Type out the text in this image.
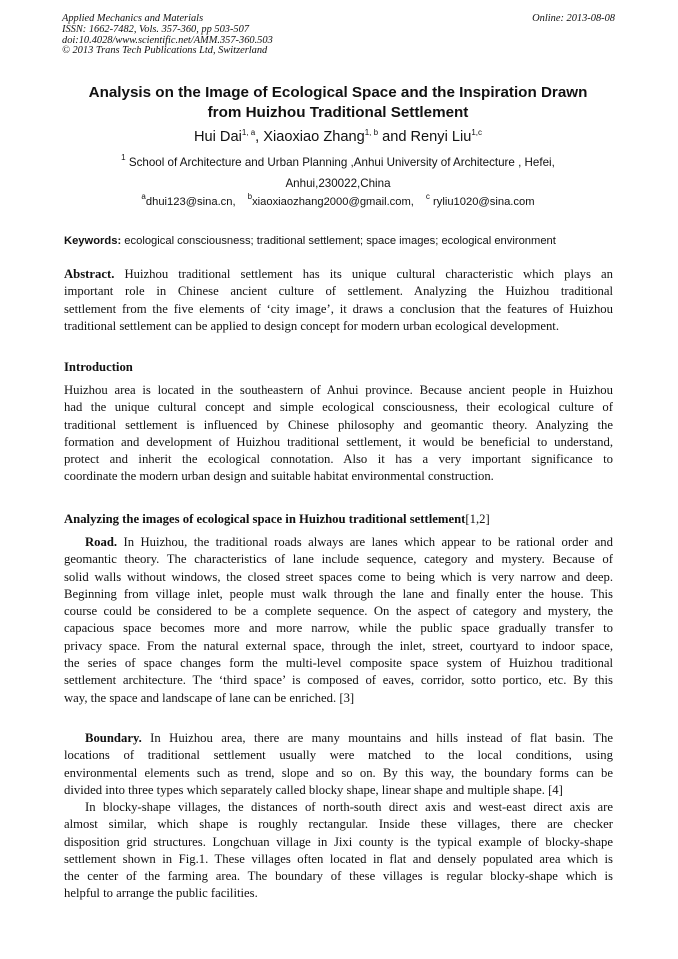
Applied Mechanics and Materials
ISSN: 1662-7482, Vols. 357-360, pp 503-507
doi:10.4028/www.scientific.net/AMM.357-360.503
© 2013 Trans Tech Publications Ltd, Switzerland
Online: 2013-08-08
Analysis on the Image of Ecological Space and the Inspiration Drawn
from Huizhou Traditional Settlement
Hui Dai$^{1, a}$, Xiaoxiao Zhang$^{1, b}$ and Renyi Liu$^{1,c}$
$^1$ School of Architecture and Urban Planning ,Anhui University of Architecture , Hefei,
Anhui,230022,China
$^a$dhui123@sina.cn, $^b$xiaoxiaozhang2000@gmail.com, $^c$ ryliu1020@sina.com
Keywords: ecological consciousness; traditional settlement; space images; ecological environment
Abstract. Huizhou traditional settlement has its unique cultural characteristic which plays an
important role in Chinese ancient culture of settlement. Analyzing the Huizhou traditional
settlement from the five elements of ‘city image’, it draws a conclusion that the features of Huizhou
traditional settlement can be applied to design concept for modern urban ecological development.
Introduction
Huizhou area is located in the southeastern of Anhui province. Because ancient people in Huizhou
had the unique cultural concept and simple ecological consciousness, their ecological culture of
traditional settlement is influenced by Chinese philosophy and geomantic theory. Analyzing the
formation and development of Huizhou traditional settlement, it would be beneficial to understand,
protect and inherit the ecological connotation. Also it has a very important significance to
coordinate the modern urban design and suitable habitat environmental construction.
Analyzing the images of ecological space in Huizhou traditional settlement[1,2]
Road. In Huizhou, the traditional roads always are lanes which appear to be rational order and
geomantic theory. The characteristics of lane include sequence, category and mystery. Because of
solid walls without windows, the closed street spaces come to being which is very narrow and deep.
Beginning from village inlet, people must walk through the lane and finally enter the house. This
course could be considered to be a complete sequence. On the aspect of category and mystery, the
capacious space becomes more and more narrow, while the public space gradually transfer to
privacy space. From the natural external space, through the inlet, street, courtyard to indoor space,
the series of space changes form the multi-level composite space system of Huizhou traditional
settlement architecture. The ‘third space’ is composed of eaves, corridor, sotto portico, etc. By this
way, the space and landscape of lane can be enriched. [3]
Boundary. In Huizhou area, there are many mountains and hills instead of flat basin. The
locations of traditional settlement usually were matched to the local conditions, using
environmental elements such as trend, slope and so on. By this way, the boundary forms can be
divided into three types which separately called blocky shape, linear shape and multiple shape. [4]
In blocky-shape villages, the distances of north-south direct axis and west-east direct axis are
almost similar, which shape is roughly rectangular. Inside these villages, there are checker
disposition grid structures. Longchuan village in Jixi county is the typical example of blocky-shape
settlement shown in Fig.1. These villages often located in flat and densely populated area which is
the center of the farming area. The boundary of these villages is regular blocky-shape which is
helpful to arrange the public facilities.
